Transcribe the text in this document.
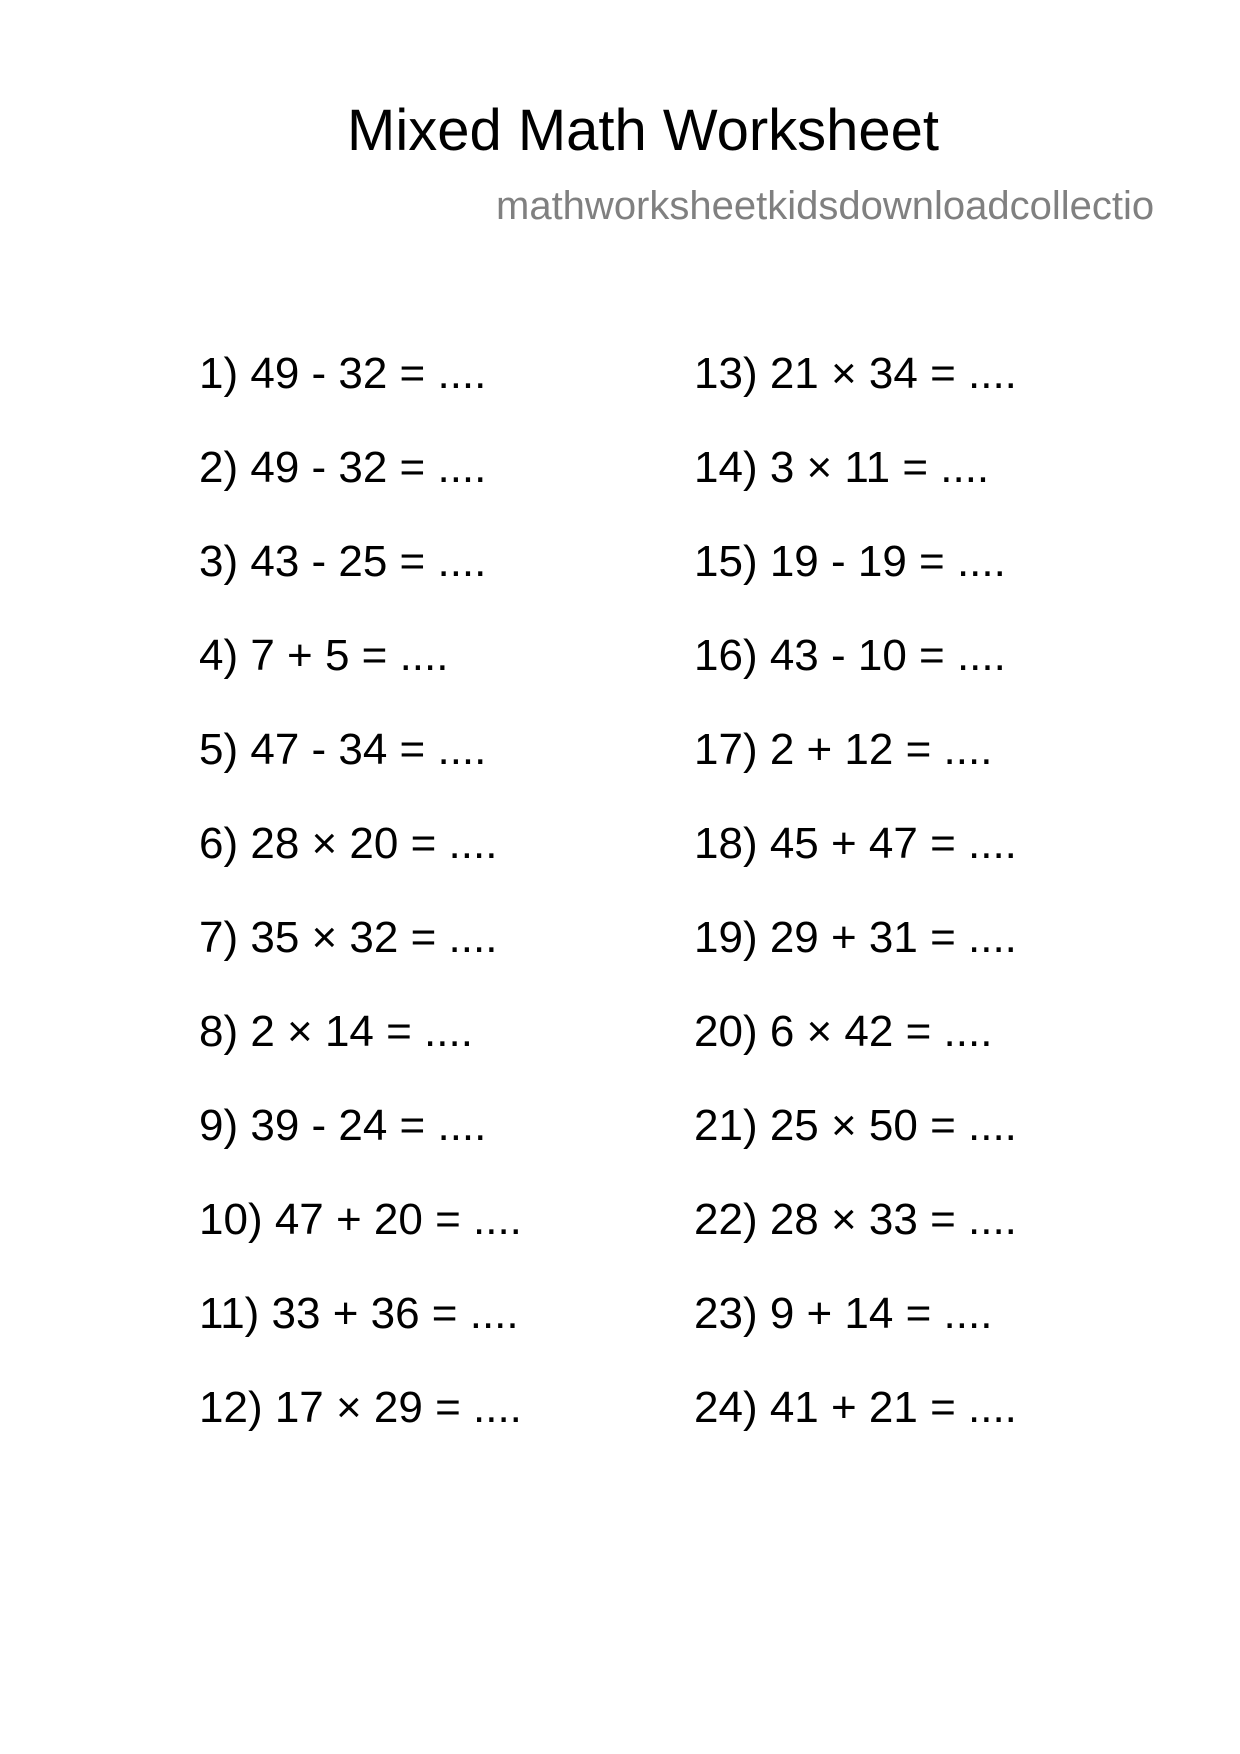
Mixed Math Worksheet
mathworksheetkidsdownloadcollectio
1) 49 - 32 = ....
2) 49 - 32 = ....
3) 43 - 25 = ....
4) 7 + 5 = ....
5) 47 - 34 = ....
6) 28 × 20 = ....
7) 35 × 32 = ....
8) 2 × 14 = ....
9) 39 - 24 = ....
10) 47 + 20 = ....
11) 33 + 36 = ....
12) 17 × 29 = ....
13) 21 × 34 = ....
14) 3 × 11 = ....
15) 19 - 19 = ....
16) 43 - 10 = ....
17) 2 + 12 = ....
18) 45 + 47 = ....
19) 29 + 31 = ....
20) 6 × 42 = ....
21) 25 × 50 = ....
22) 28 × 33 = ....
23) 9 + 14 = ....
24) 41 + 21 = ....
